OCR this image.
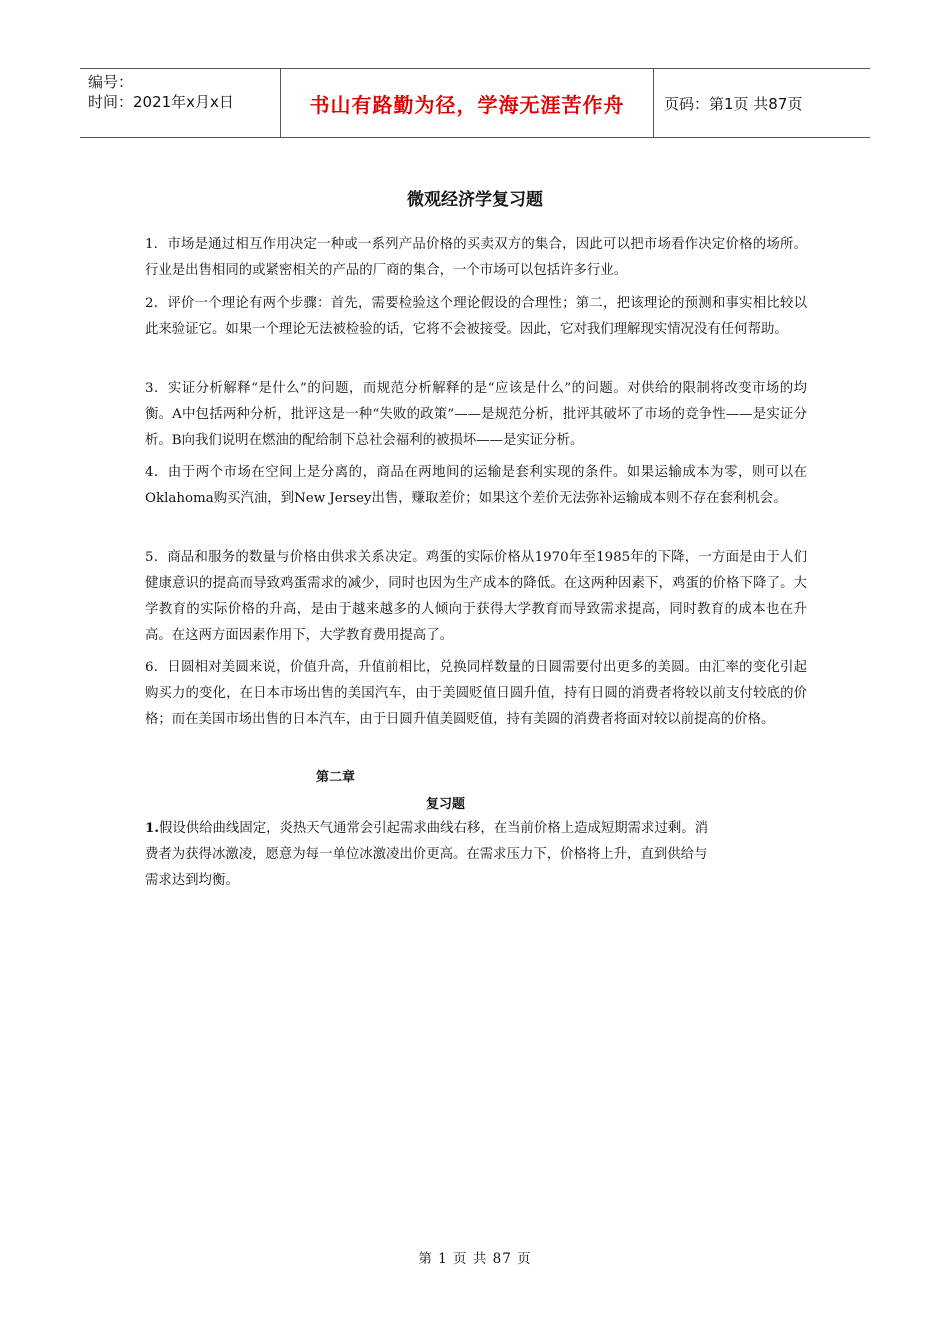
编号：
时间：2021年x月x日	书山有路勤为径，学海无涯苦作舟	页码：第1页 共87页
微观经济学复习题
1．市场是通过相互作用决定一种或一系列产品价格的买卖双方的集合，因此可以把市场看作决定价格的场所。行业是出售相同的或紧密相关的产品的厂商的集合，一个市场可以包括许多行业。
2．评价一个理论有两个步骤：首先，需要检验这个理论假设的合理性；第二，把该理论的预测和事实相比较以此来验证它。如果一个理论无法被检验的话，它将不会被接受。因此，它对我们理解现实情况没有任何帮助。
3．实证分析解释“是什么”的问题，而规范分析解释的是“应该是什么”的问题。对供给的限制将改变市场的均衡。A中包括两种分析，批评这是一种“失败的政策”——是规范分析，批评其破坏了市场的竞争性——是实证分析。B向我们说明在燃油的配给制下总社会福利的被损坏——是实证分析。
4．由于两个市场在空间上是分离的，商品在两地间的运输是套利实现的条件。如果运输成本为零，则可以在Oklahoma购买汽油，到New Jersey出售，赚取差价；如果这个差价无法弥补运输成本则不存在套利机会。
5．商品和服务的数量与价格由供求关系决定。鸡蛋的实际价格从1970年至1985年的下降，一方面是由于人们健康意识的提高而导致鸡蛋需求的减少，同时也因为生产成本的降低。在这两种因素下，鸡蛋的价格下降了。大学教育的实际价格的升高，是由于越来越多的人倾向于获得大学教育而导致需求提高，同时教育的成本也在升高。在这两方面因素作用下，大学教育费用提高了。
6．日圆相对美圆来说，价值升高，升值前相比，兑换同样数量的日圆需要付出更多的美圆。由汇率的变化引起购买力的变化，在日本市场出售的美国汽车，由于美圆贬值日圆升值，持有日圆的消费者将较以前支付较底的价格；而在美国市场出售的日本汽车，由于日圆升值美圆贬值，持有美圆的消费者将面对较以前提高的价格。
第二章
复习题
1.假设供给曲线固定，炎热天气通常会引起需求曲线右移，在当前价格上造成短期需求过剩。消
费者为获得冰激凌，愿意为每一单位冰激凌出价更高。在需求压力下，价格将上升，直到供给与
需求达到均衡。
第 1 页 共 87 页
